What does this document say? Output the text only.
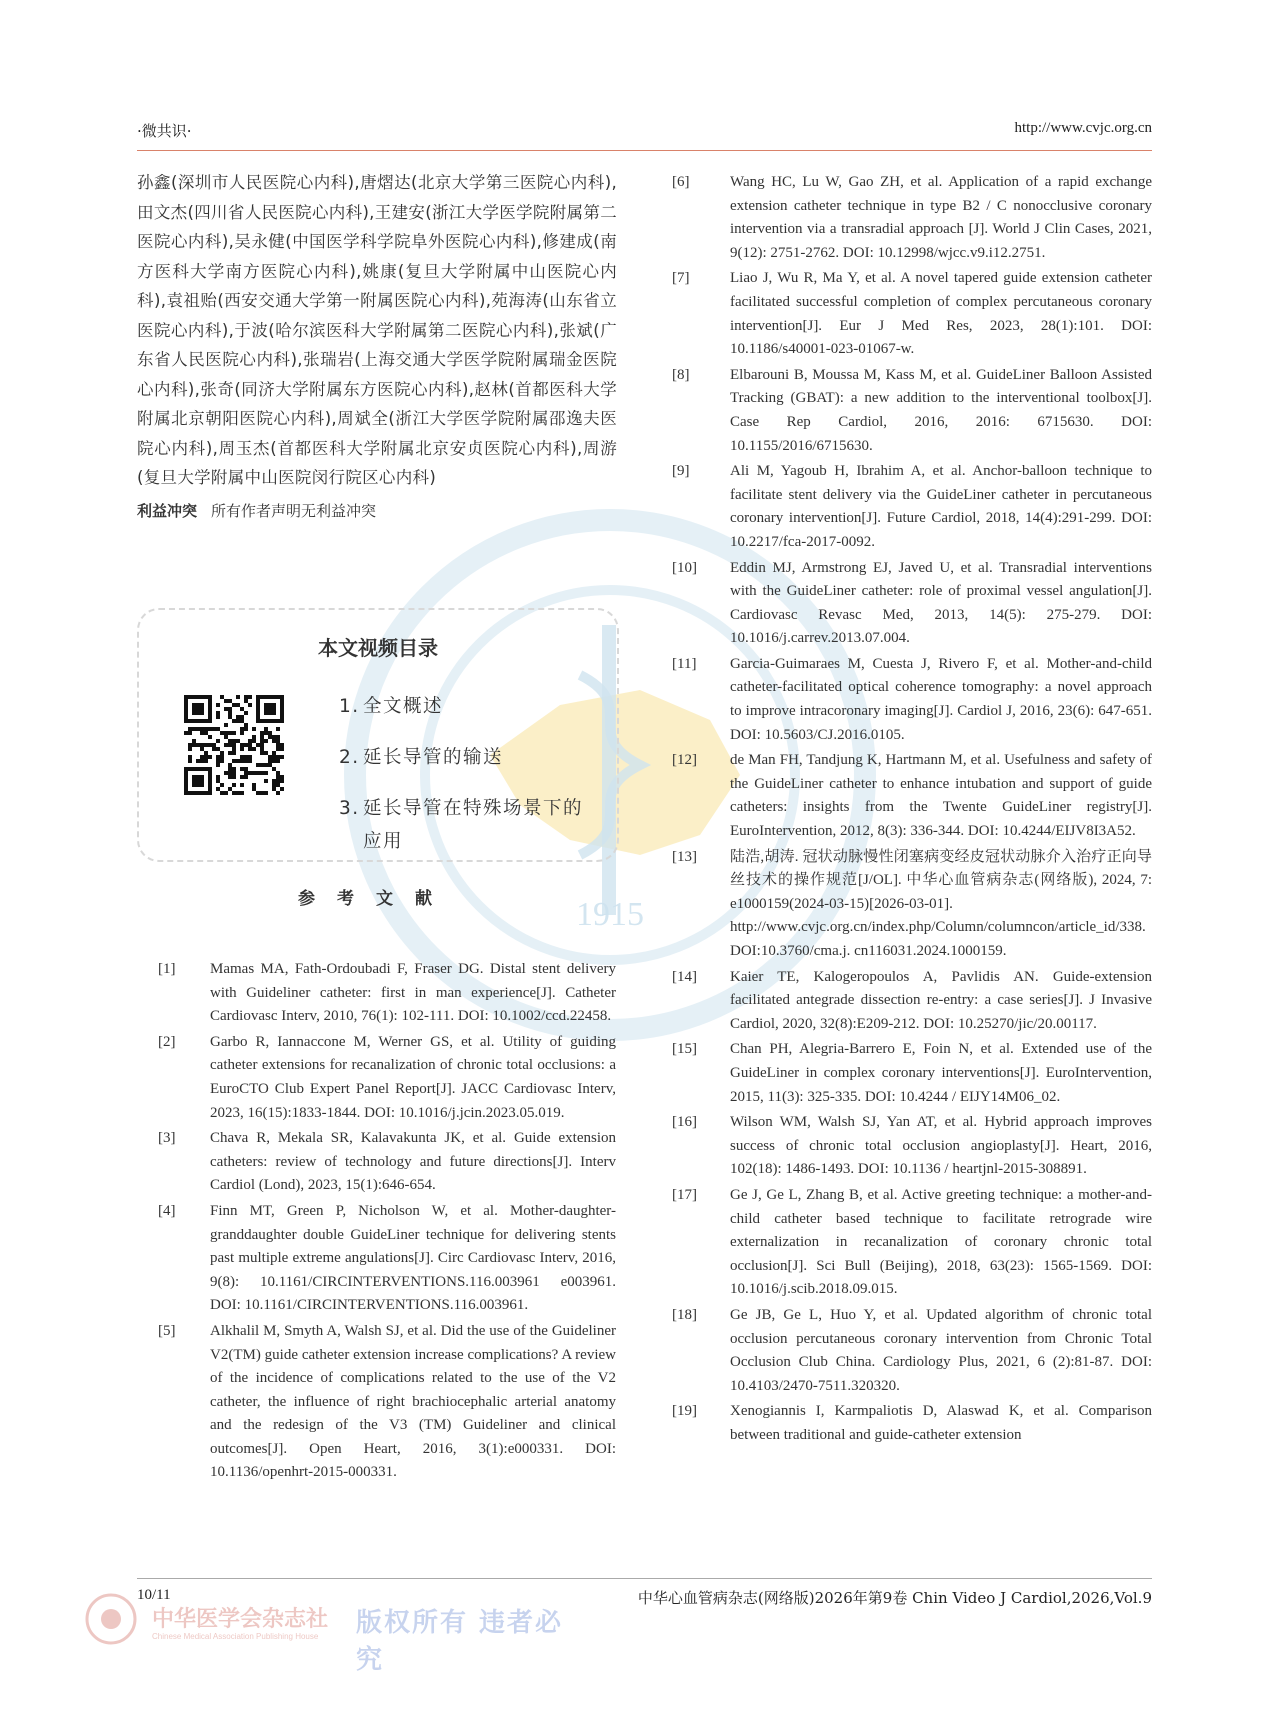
·微共识·	http://www.cvjc.org.cn
1915
孙鑫(深圳市人民医院心内科),唐熠达(北京大学第三医院心内科),田文杰(四川省人民医院心内科),王建安(浙江大学医学院附属第二医院心内科),吴永健(中国医学科学院阜外医院心内科),修建成(南方医科大学南方医院心内科),姚康(复旦大学附属中山医院心内科),袁祖贻(西安交通大学第一附属医院心内科),苑海涛(山东省立医院心内科),于波(哈尔滨医科大学附属第二医院心内科),张斌(广东省人民医院心内科),张瑞岩(上海交通大学医学院附属瑞金医院心内科),张奇(同济大学附属东方医院心内科),赵林(首都医科大学附属北京朝阳医院心内科),周斌全(浙江大学医学院附属邵逸夫医院心内科),周玉杰(首都医科大学附属北京安贞医院心内科),周游(复旦大学附属中山医院闵行院区心内科)
利益冲突 所有作者声明无利益冲突
本文视频目录
1. 全文概述
2. 延长导管的输送
3. 延长导管在特殊场景下的应用
参考文献
[1]	Mamas MA, Fath-Ordoubadi F, Fraser DG. Distal stent delivery with Guideliner catheter: first in man experience[J]. Catheter Cardiovasc Interv, 2010, 76(1): 102-111. DOI: 10.1002/ccd.22458.
[2]	Garbo R, Iannaccone M, Werner GS, et al. Utility of guiding catheter extensions for recanalization of chronic total occlusions: a EuroCTO Club Expert Panel Report[J]. JACC Cardiovasc Interv, 2023, 16(15):1833-1844. DOI: 10.1016/j.jcin.2023.05.019.
[3]	Chava R, Mekala SR, Kalavakunta JK, et al. Guide extension catheters: review of technology and future directions[J]. Interv Cardiol (Lond), 2023, 15(1):646-654.
[4]	Finn MT, Green P, Nicholson W, et al. Mother-daughter-granddaughter double GuideLiner technique for delivering stents past multiple extreme angulations[J]. Circ Cardiovasc Interv, 2016, 9(8): 10.1161/CIRCINTERVENTIONS.116.003961 e003961. DOI: 10.1161/CIRCINTERVENTIONS.116.003961.
[5]	Alkhalil M, Smyth A, Walsh SJ, et al. Did the use of the Guideliner V2(TM) guide catheter extension increase complications? A review of the incidence of complications related to the use of the V2 catheter, the influence of right brachiocephalic arterial anatomy and the redesign of the V3 (TM) Guideliner and clinical outcomes[J]. Open Heart, 2016, 3(1):e000331. DOI: 10.1136/openhrt-2015-000331.
[6]	Wang HC, Lu W, Gao ZH, et al. Application of a rapid exchange extension catheter technique in type B2 / C nonocclusive coronary intervention via a transradial approach [J]. World J Clin Cases, 2021, 9(12): 2751-2762. DOI: 10.12998/wjcc.v9.i12.2751.
[7]	Liao J, Wu R, Ma Y, et al. A novel tapered guide extension catheter facilitated successful completion of complex percutaneous coronary intervention[J]. Eur J Med Res, 2023, 28(1):101. DOI: 10.1186/s40001-023-01067-w.
[8]	Elbarouni B, Moussa M, Kass M, et al. GuideLiner Balloon Assisted Tracking (GBAT): a new addition to the interventional toolbox[J]. Case Rep Cardiol, 2016, 2016: 6715630. DOI: 10.1155/2016/6715630.
[9]	Ali M, Yagoub H, Ibrahim A, et al. Anchor-balloon technique to facilitate stent delivery via the GuideLiner catheter in percutaneous coronary intervention[J]. Future Cardiol, 2018, 14(4):291-299. DOI: 10.2217/fca-2017-0092.
[10]	Eddin MJ, Armstrong EJ, Javed U, et al. Transradial interventions with the GuideLiner catheter: role of proximal vessel angulation[J]. Cardiovasc Revasc Med, 2013, 14(5): 275-279. DOI: 10.1016/j.carrev.2013.07.004.
[11]	Garcia-Guimaraes M, Cuesta J, Rivero F, et al. Mother-and-child catheter-facilitated optical coherence tomography: a novel approach to improve intracoronary imaging[J]. Cardiol J, 2016, 23(6): 647-651. DOI: 10.5603/CJ.2016.0105.
[12]	de Man FH, Tandjung K, Hartmann M, et al. Usefulness and safety of the GuideLiner catheter to enhance intubation and support of guide catheters: insights from the Twente GuideLiner registry[J]. EuroIntervention, 2012, 8(3): 336-344. DOI: 10.4244/EIJV8I3A52.
[13]	陆浩,胡涛. 冠状动脉慢性闭塞病变经皮冠状动脉介入治疗正向导丝技术的操作规范[J/OL]. 中华心血管病杂志(网络版), 2024, 7: e1000159(2024-03-15)[2026-03-01]. http://www.cvjc.org.cn/index.php/Column/columncon/article_id/338. DOI:10.3760/cma.j. cn116031.2024.1000159.
[14]	Kaier TE, Kalogeropoulos A, Pavlidis AN. Guide-extension facilitated antegrade dissection re-entry: a case series[J]. J Invasive Cardiol, 2020, 32(8):E209-212. DOI: 10.25270/jic/20.00117.
[15]	Chan PH, Alegria-Barrero E, Foin N, et al. Extended use of the GuideLiner in complex coronary interventions[J]. EuroIntervention, 2015, 11(3): 325-335. DOI: 10.4244 / EIJY14M06_02.
[16]	Wilson WM, Walsh SJ, Yan AT, et al. Hybrid approach improves success of chronic total occlusion angioplasty[J]. Heart, 2016, 102(18): 1486-1493. DOI: 10.1136 / heartjnl-2015-308891.
[17]	Ge J, Ge L, Zhang B, et al. Active greeting technique: a mother-and-child catheter based technique to facilitate retrograde wire externalization in recanalization of coronary chronic total occlusion[J]. Sci Bull (Beijing), 2018, 63(23): 1565-1569. DOI: 10.1016/j.scib.2018.09.015.
[18]	Ge JB, Ge L, Huo Y, et al. Updated algorithm of chronic total occlusion percutaneous coronary intervention from Chronic Total Occlusion Club China. Cardiology Plus, 2021, 6 (2):81-87. DOI: 10.4103/2470-7511.320320.
[19]	Xenogiannis I, Karmpaliotis D, Alaswad K, et al. Comparison between traditional and guide-catheter extension
10/11	中华心血管病杂志(网络版)2026年第9卷 Chin Video J Cardiol,2026,Vol.9
中华医学会杂志社
Chinese Medical Association Publishing House 版权所有 违者必究
